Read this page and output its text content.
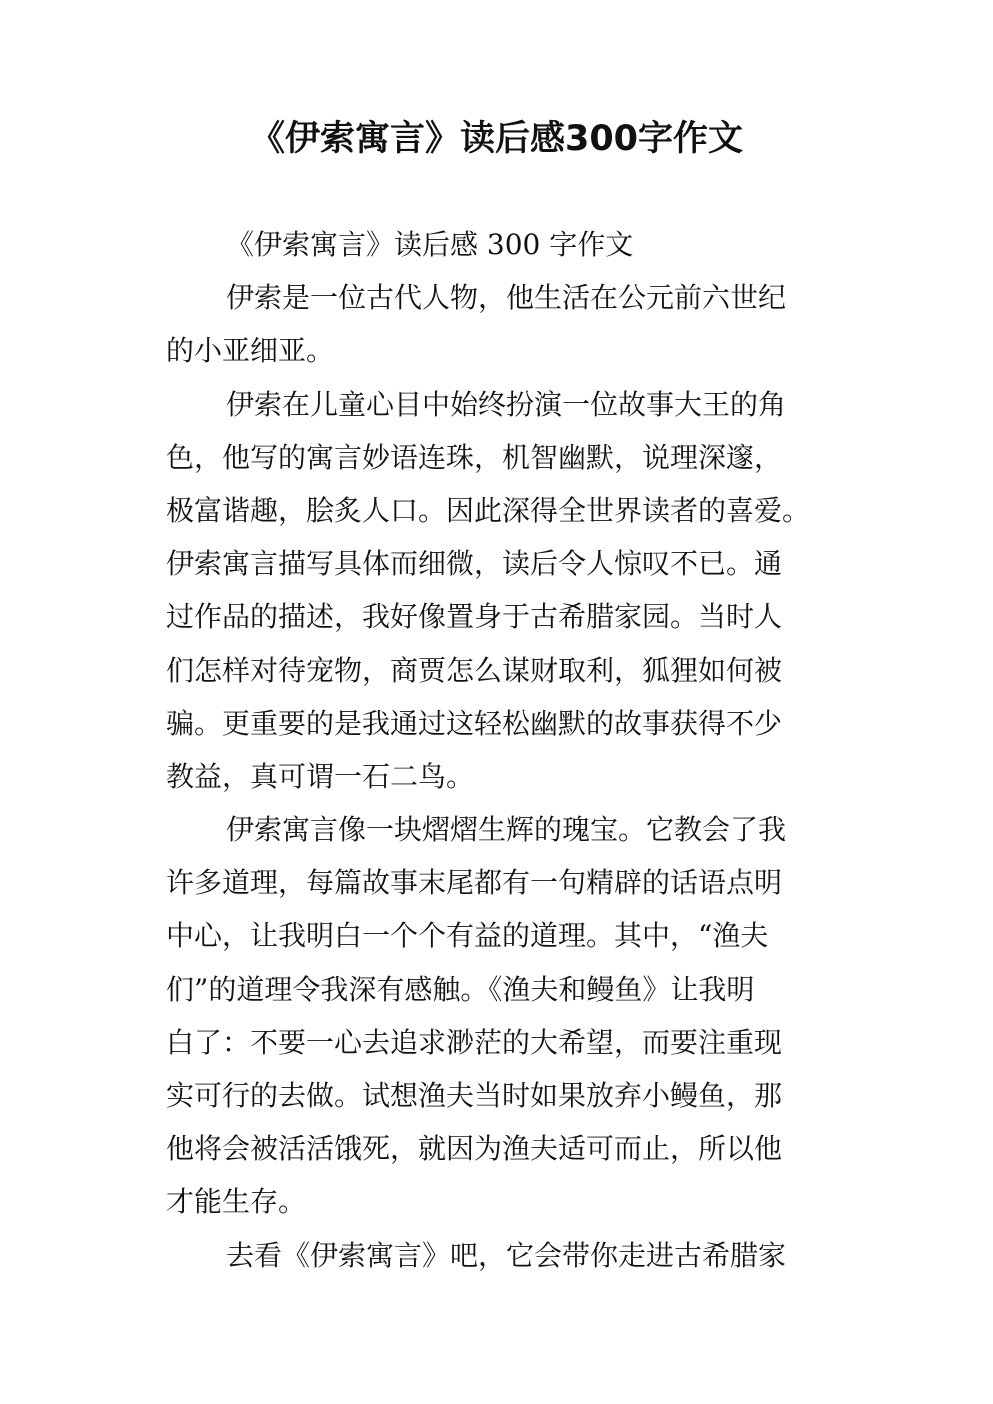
《伊索寓言》读后感300字作文
《伊索寓言》读后感 300 字作文
伊索是一位古代人物，他生活在公元前六世纪
的小亚细亚。
伊索在儿童心目中始终扮演一位故事大王的角
色，他写的寓言妙语连珠，机智幽默，说理深邃，
极富谐趣，脍炙人口。因此深得全世界读者的喜爱。
伊索寓言描写具体而细微，读后令人惊叹不已。通
过作品的描述，我好像置身于古希腊家园。当时人
们怎样对待宠物，商贾怎么谋财取利，狐狸如何被
骗。更重要的是我通过这轻松幽默的故事获得不少
教益，真可谓一石二鸟。
伊索寓言像一块熠熠生辉的瑰宝。它教会了我
许多道理，每篇故事末尾都有一句精辟的话语点明
中心，让我明白一个个有益的道理。其中，“渔夫
们”的道理令我深有感触。《渔夫和鳗鱼》让我明
白了：不要一心去追求渺茫的大希望，而要注重现
实可行的去做。试想渔夫当时如果放弃小鳗鱼，那
他将会被活活饿死，就因为渔夫适可而止，所以他
才能生存。
去看《伊索寓言》吧，它会带你走进古希腊家
